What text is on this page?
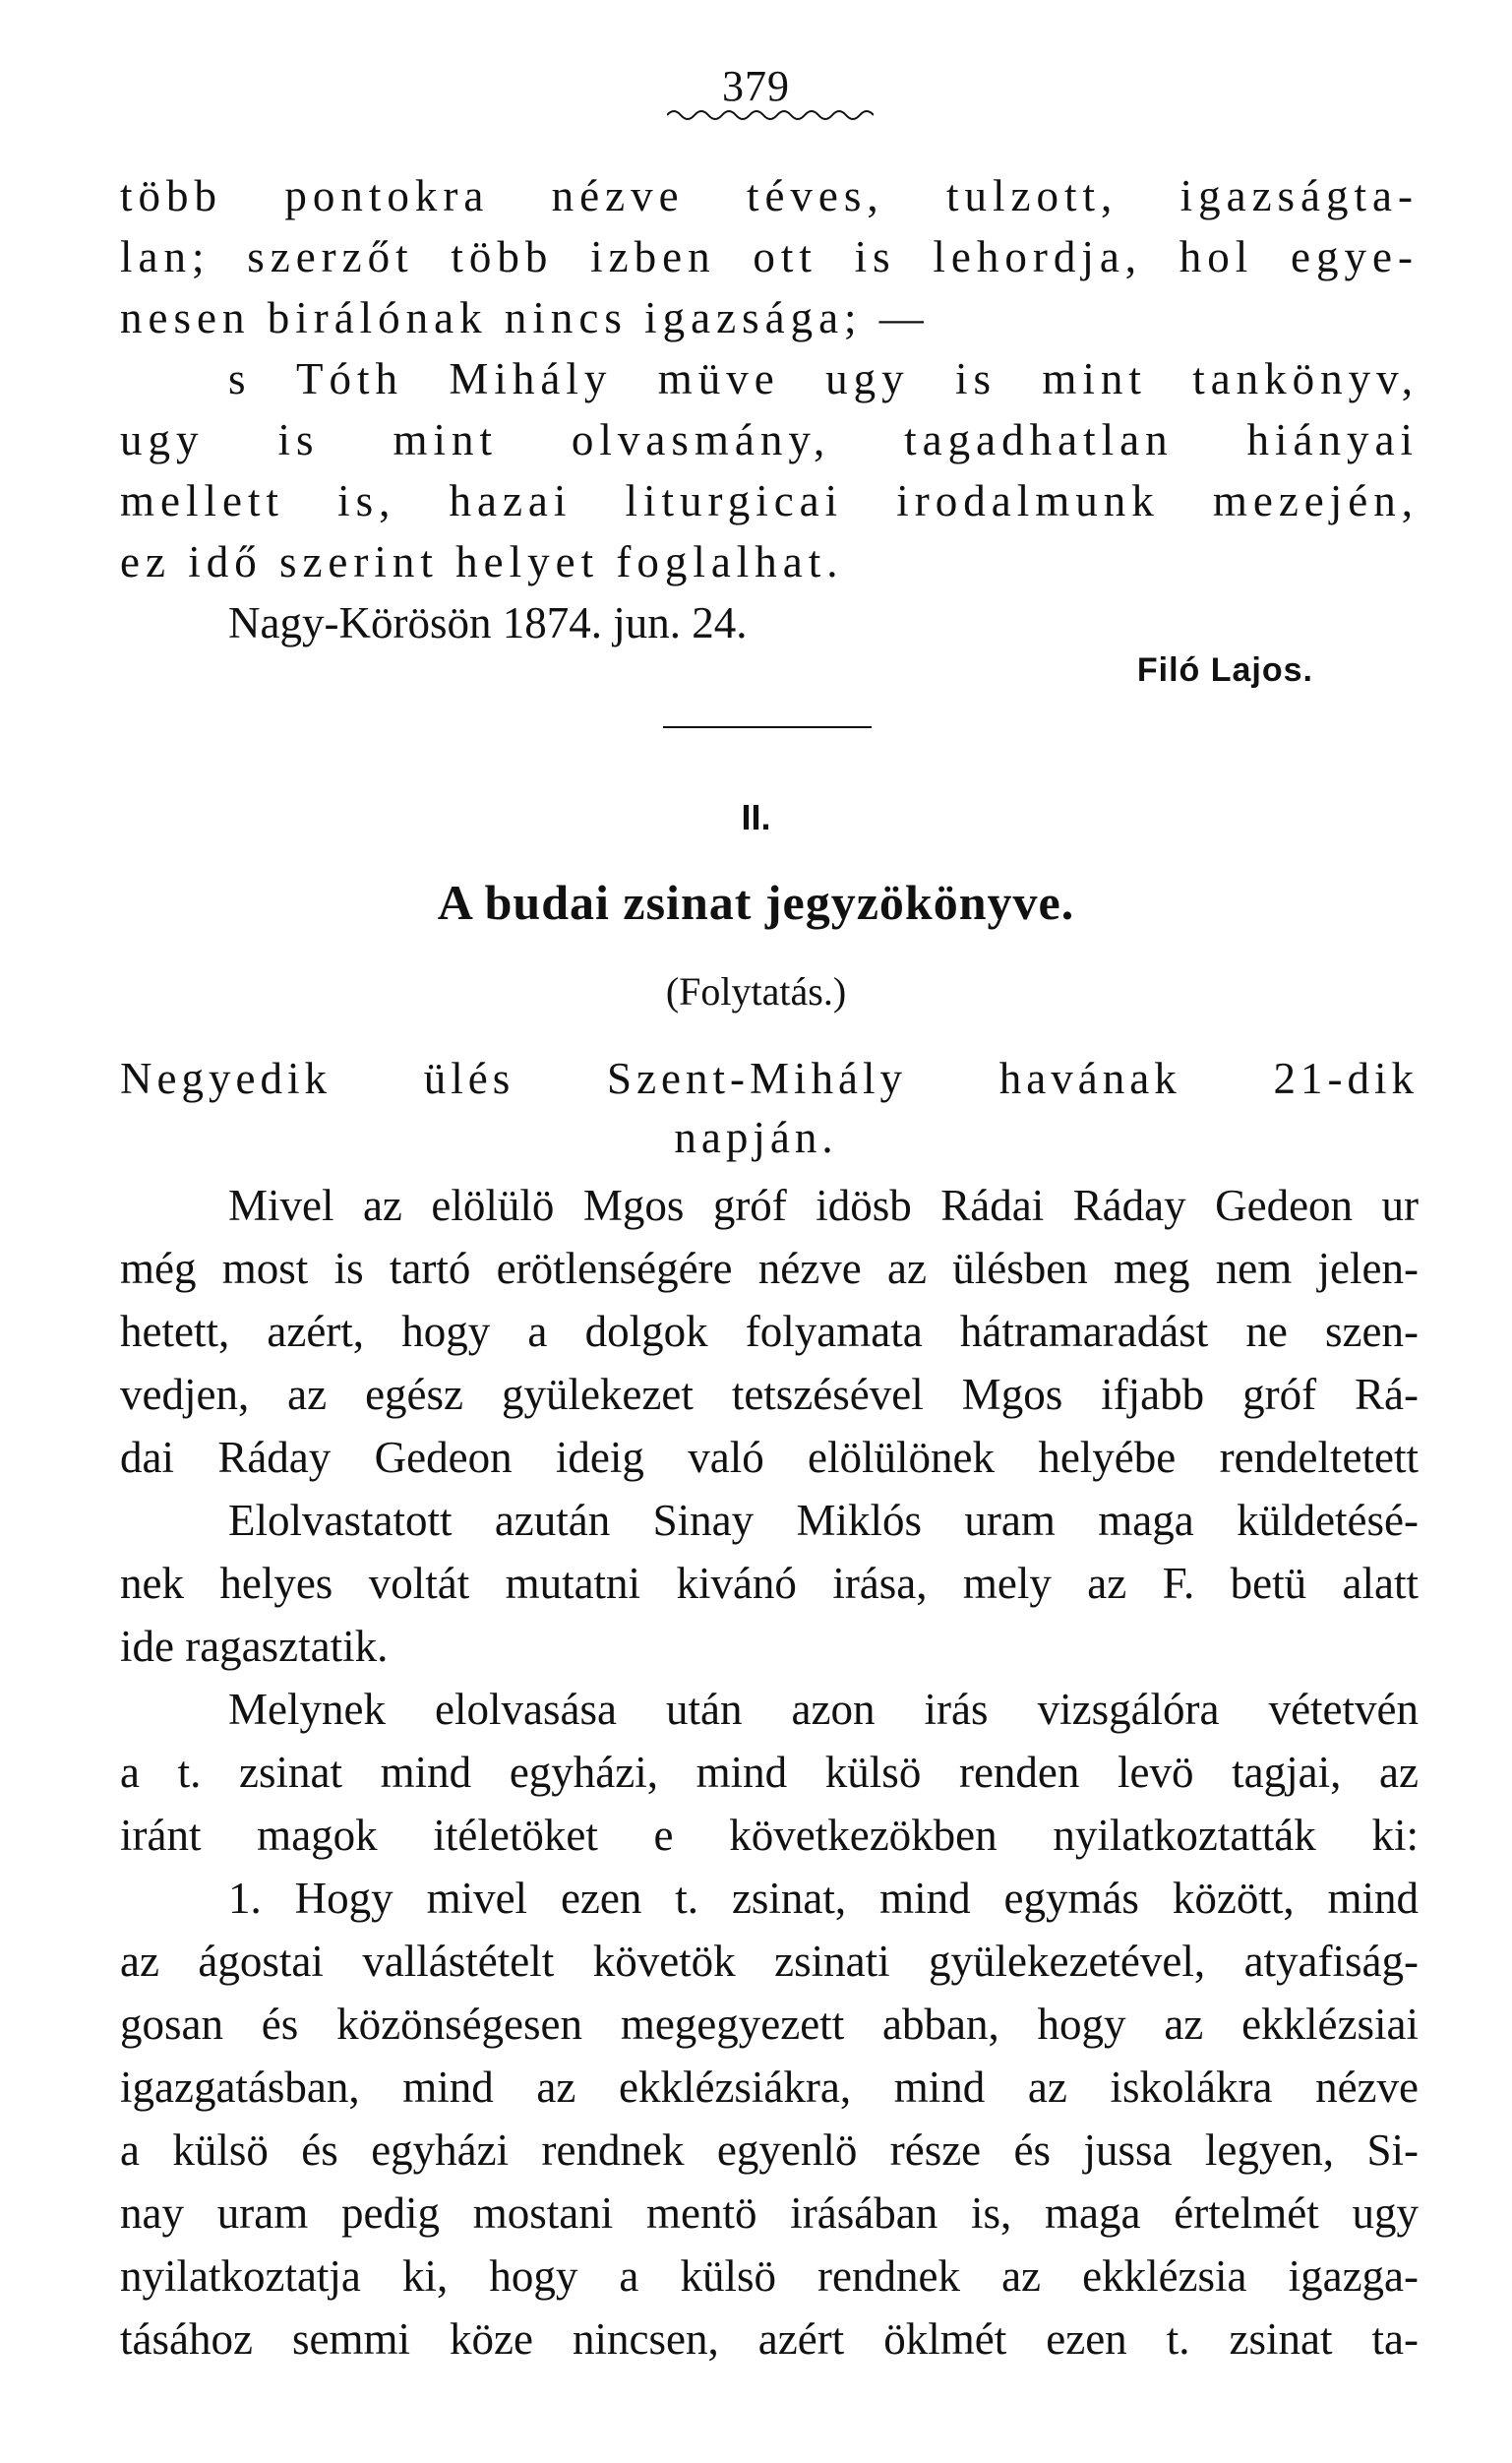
379
több pontokra nézve téves, tulzott, igazságta-
lan; szerzőt több izben ott is lehordja, hol egye-
nesen birálónak nincs igazsága; —
s Tóth Mihály müve ugy is mint tankönyv,
ugy is mint olvasmány, tagadhatlan hiányai
mellett is, hazai liturgicai irodalmunk mezején,
ez idő szerint helyet foglalhat.
Nagy-Körösön 1874. jun. 24.
Filó Lajos.
II.
A budai zsinat jegyzökönyve.
(Folytatás.)
Negyedik ülés Szent-Mihály havának 21-dik
napján.
Mivel az elölülö Mgos gróf idösb Rádai Ráday Gedeon ur
még most is tartó erötlenségére nézve az ülésben meg nem jelen-
hetett, azért, hogy a dolgok folyamata hátramaradást ne szen-
vedjen, az egész gyülekezet tetszésével Mgos ifjabb gróf Rá-
dai Ráday Gedeon ideig való elölülönek helyébe rendeltetett
Elolvastatott azután Sinay Miklós uram maga küldetésé-
nek helyes voltát mutatni kivánó irása, mely az F. betü alatt
ide ragasztatik.
Melynek elolvasása után azon irás vizsgálóra vétetvén
a t. zsinat mind egyházi, mind külsö renden levö tagjai, az
iránt magok itéletöket e következökben nyilatkoztatták ki:
1. Hogy mivel ezen t. zsinat, mind egymás között, mind
az ágostai vallástételt követök zsinati gyülekezetével, atyafiság-
gosan és közönségesen megegyezett abban, hogy az ekklézsiai
igazgatásban, mind az ekklézsiákra, mind az iskolákra nézve
a külsö és egyházi rendnek egyenlö része és jussa legyen, Si-
nay uram pedig mostani mentö irásában is, maga értelmét ugy
nyilatkoztatja ki, hogy a külsö rendnek az ekklézsia igazga-
tásához semmi köze nincsen, azért öklmét ezen t. zsinat ta-
